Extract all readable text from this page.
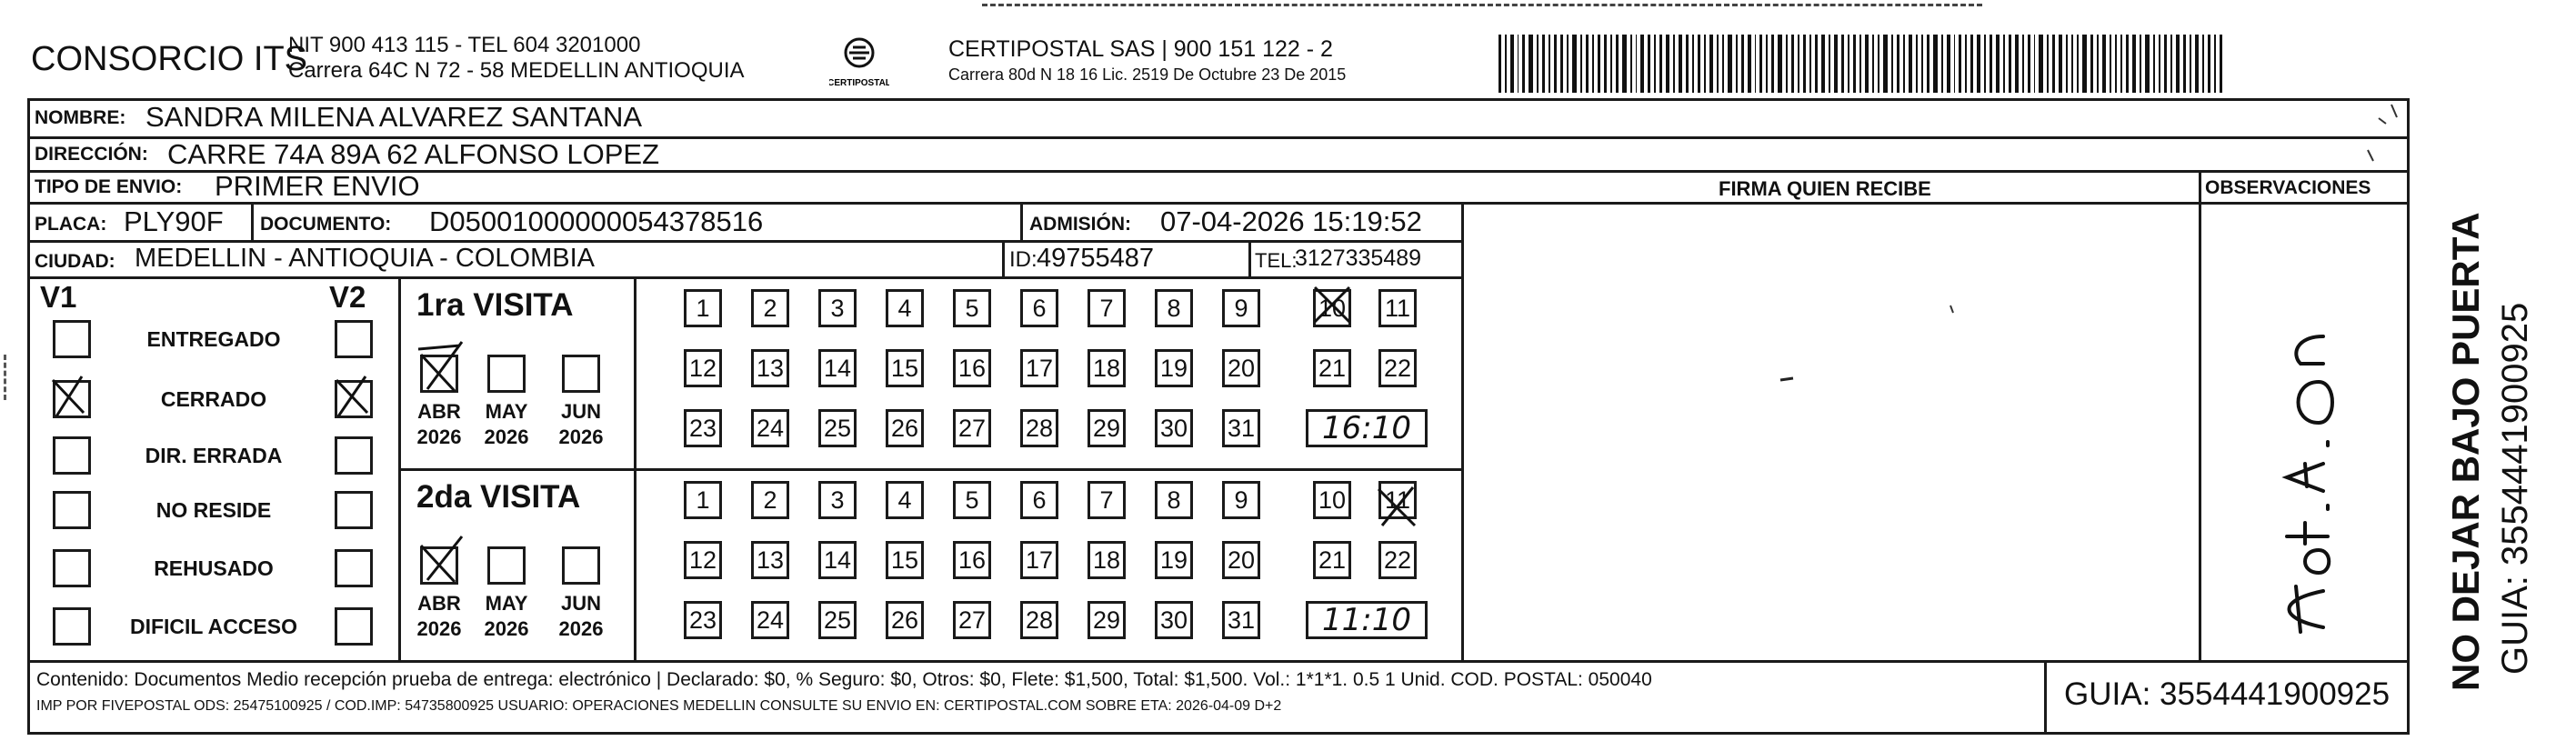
CONSORCIO ITS
NIT 900 413 115 - TEL 604 3201000
Carrera 64C N 72 - 58 MEDELLIN ANTIOQUIA
CERTIPOSTAL
CERTIPOSTAL SAS | 900 151 122 - 2
Carrera 80d N 18 16 Lic. 2519 De Octubre 23 De 2015
NOMBRE: SANDRA MILENA ALVAREZ SANTANA
DIRECCIÓN: CARRE 74A 89A 62 ALFONSO LOPEZ
TIPO DE ENVIO: PRIMER ENVIO	FIRMA QUIEN RECIBE	OBSERVACIONES
PLACA: PLY90F DOCUMENTO: D05001000000054378516	ADMISIÓN: 07-04-2026 15:19:52
CIUDAD: MEDELLIN - ANTIOQUIA - COLOMBIA	ID: 49755487	TEL:
3127335489
V1	V2
ENTREGADO
CERRADO
DIR. ERRADA
NO RESIDE
REHUSADO
DIFICIL ACCESO
1ra VISITA
ABR
2026
MAY
2026
JUN
2026
1	2	3	4	5	6	7	8	9	10 11
12 13 14 15 16 17 18 19 20	21 22
23 24 25 26 27 28 29 30 31	16:10
2da VISITA
ABR
2026
MAY
2026
JUN
2026
1	2	3	4	5	6	7	8	9	10 11
12 13 14 15 16 17 18 19 20	21 22
23 24 25 26 27 28 29 30 31	11:10
Contenido: Documentos Medio recepción prueba de entrega: electrónico | Declarado: $0, % Seguro: $0, Otros: $0, Flete: $1,500, Total: $1,500. Vol.: 1*1*1. 0.5 1 Unid. COD. POSTAL: 050040
IMP POR FIVEPOSTAL ODS: 25475100925 / COD.IMP: 54735800925 USUARIO: OPERACIONES MEDELLIN CONSULTE SU ENVIO EN: CERTIPOSTAL.COM SOBRE ETA: 2026-04-09 D+2	GUIA: 3554441900925
NO DEJAR BAJO PUERTA GUIA: 3554441900925
